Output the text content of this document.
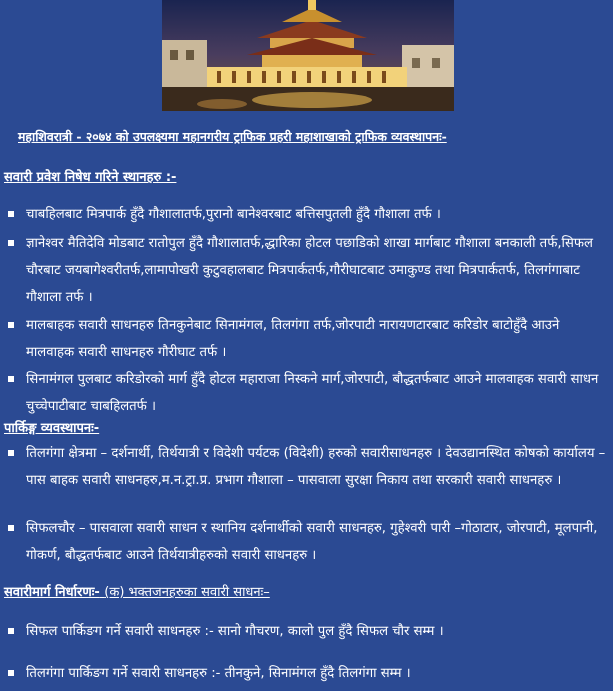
महाशिवरात्री - २०७४ को उपलक्ष्यमा महानगरीय ट्राफिक प्रहरी महाशाखाको ट्राफिक व्यवस्थापनः-
सवारी प्रवेश निषेध गरिने स्थानहरु :-
चाबहिलबाट मित्रपार्क हुँदै गौशालातर्फ,पुरानो बानेश्वरबाट बत्तिसपुतली हुँदै गौशाला तर्फ ।
ज्ञानेश्वर मैतिदेवि मोडबाट रातोपुल हुँदै गौशालातर्फ,द्धारिका होटल पछाडिको शाखा मार्गबाट गौशाला बनकाली तर्फ,सिफल चौरबाट जयबागेश्वरीतर्फ,लामापोखरी कुटुवहालबाट मित्रपार्कतर्फ,गौरीघाटबाट उमाकुण्ड तथा मित्रपार्कतर्फ, तिलगंगाबाट गौशाला तर्फ ।
मालबाहक सवारी साधनहरु तिनकुनेबाट सिनामंगल, तिलगंगा तर्फ,जोरपाटी नारायणटारबाट करिडोर बाटोहुँदै आउने मालवाहक सवारी साधनहरु गौरीघाट तर्फ ।
सिनामंगल पुलबाट करिडोरको मार्ग हुँदै होटल महाराजा निस्कने मार्ग,जोरपाटी, बौद्धतर्फबाट आउने मालवाहक सवारी साधन चुच्चेपाटीबाट चाबहिलतर्फ ।
पार्किङ्ग व्यवस्थापनः-
तिलगंगा क्षेत्रमा – दर्शनार्थी, तिर्थयात्री र विदेशी पर्यटक (विदेशी) हरुको सवारीसाधनहरु । देवउद्यानस्थित कोषको कार्यालय – पास बाहक सवारी साधनहरु,म.न.ट्रा.प्र. प्रभाग गौशाला – पासवाला सुरक्षा निकाय तथा सरकारी सवारी साधनहरु ।
सिफलचौर – पासवाला सवारी साधन र स्थानिय दर्शनार्थीको सवारी साधनहरु, गुहेश्वरी पारी –गोठाटार, जोरपाटी, मूलपानी, गोकर्ण, बौद्धतर्फबाट आउने तिर्थयात्रीहरुको सवारी साधनहरु ।
सवारीमार्ग निर्धारणः- (क) भक्तजनहरुका सवारी साधनः–
सिफल पार्किङग गर्ने सवारी साधनहरु :- सानो गौचरण, कालो पुल हुँदै सिफल चौर सम्म ।
तिलगंगा पार्किङग गर्ने सवारी साधनहरु :- तीनकुने, सिनामंगल हुँदै तिलगंगा सम्म ।
